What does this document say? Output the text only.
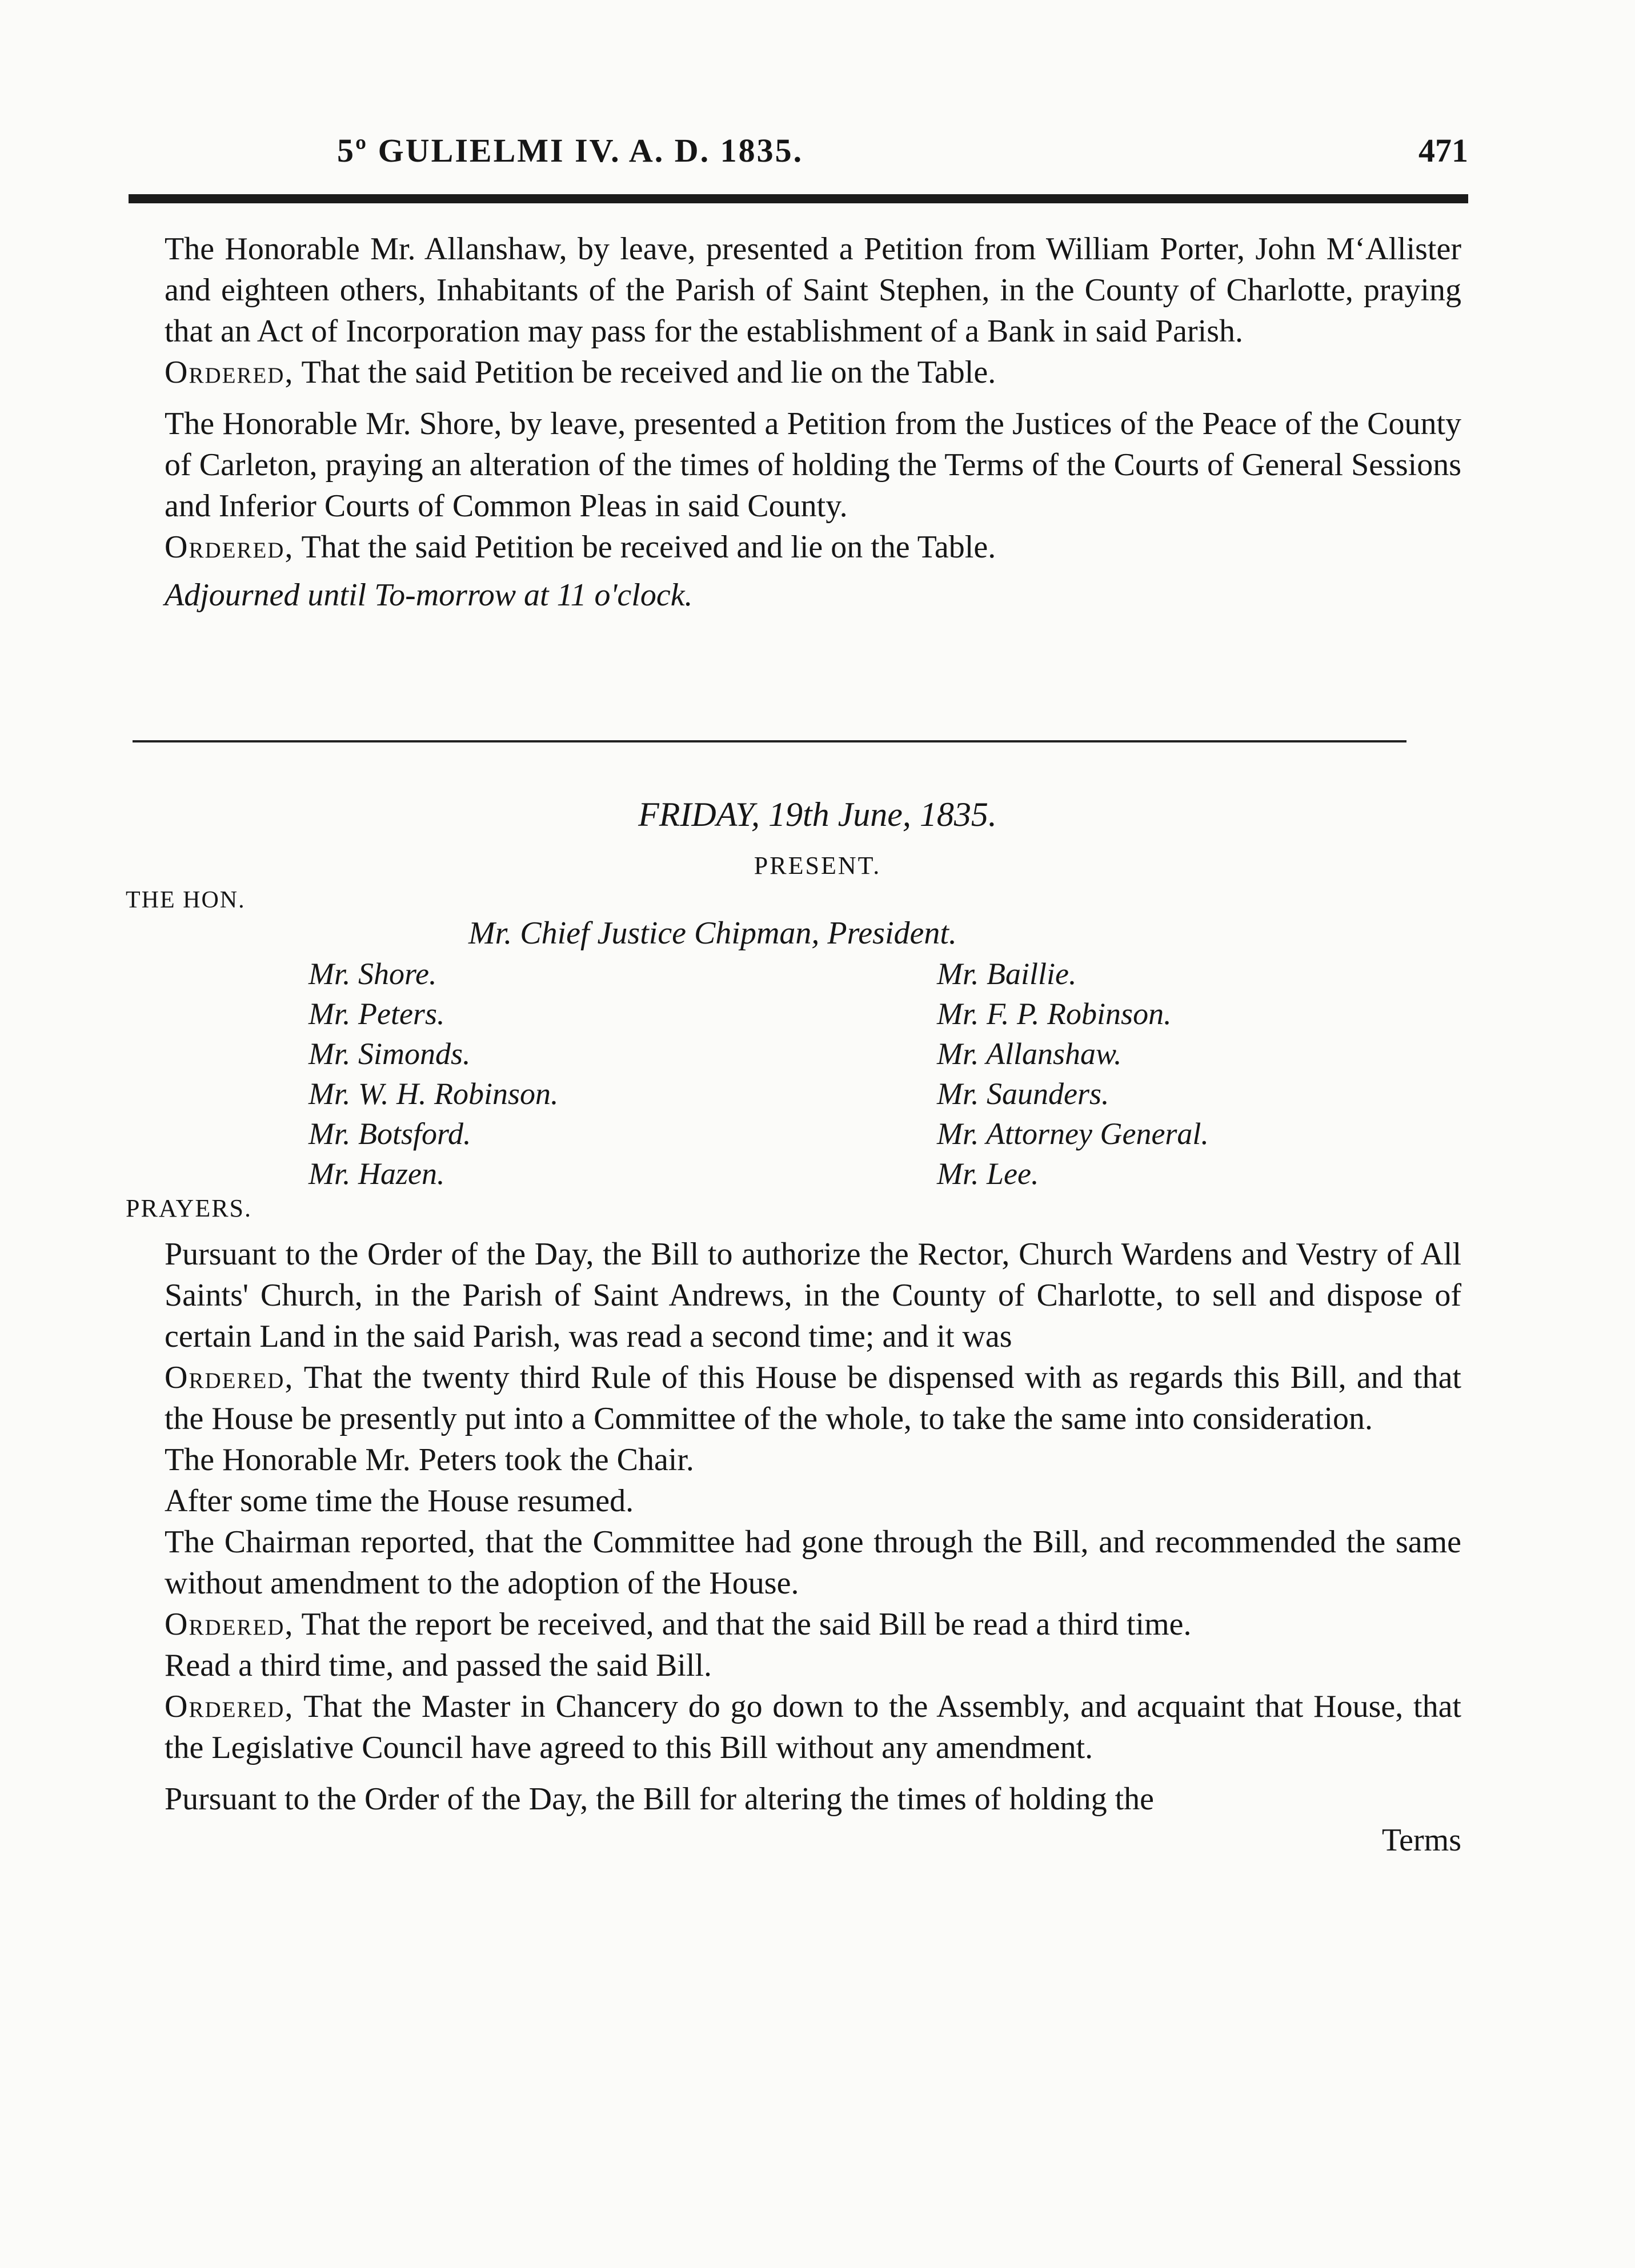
5º GULIELMI IV. A. D. 1835.	471

The Honorable Mr. Allanshaw, by leave, presented a Petition from William Porter, John M‘Allister and eighteen others, Inhabitants of the Parish of Saint Stephen, in the County of Charlotte, praying that an Act of Incorporation may pass for the establishment of a Bank in said Parish.

Ordered, That the said Petition be received and lie on the Table.

The Honorable Mr. Shore, by leave, presented a Petition from the Justices of the Peace of the County of Carleton, praying an alteration of the times of holding the Terms of the Courts of General Sessions and Inferior Courts of Common Pleas in said County.

Ordered, That the said Petition be received and lie on the Table.

Adjourned until To-morrow at 11 o'clock.

FRIDAY, 19th June, 1835.
PRESENT.
THE HON.
Mr. Chief Justice Chipman, President.
Mr. Shore.
Mr. Peters.
Mr. Simonds.
Mr. W. H. Robinson.
Mr. Botsford.
Mr. Hazen.
Mr. Baillie.
Mr. F. P. Robinson.
Mr. Allanshaw.
Mr. Saunders.
Mr. Attorney General.
Mr. Lee.
PRAYERS.

Pursuant to the Order of the Day, the Bill to authorize the Rector, Church Wardens and Vestry of All Saints' Church, in the Parish of Saint Andrews, in the County of Charlotte, to sell and dispose of certain Land in the said Parish, was read a second time; and it was

Ordered, That the twenty third Rule of this House be dispensed with as regards this Bill, and that the House be presently put into a Committee of the whole, to take the same into consideration.

The Honorable Mr. Peters took the Chair.

After some time the House resumed.

The Chairman reported, that the Committee had gone through the Bill, and recommended the same without amendment to the adoption of the House.

Ordered, That the report be received, and that the said Bill be read a third time.

Read a third time, and passed the said Bill.

Ordered, That the Master in Chancery do go down to the Assembly, and acquaint that House, that the Legislative Council have agreed to this Bill without any amendment.

Pursuant to the Order of the Day, the Bill for altering the times of holding the

Terms
